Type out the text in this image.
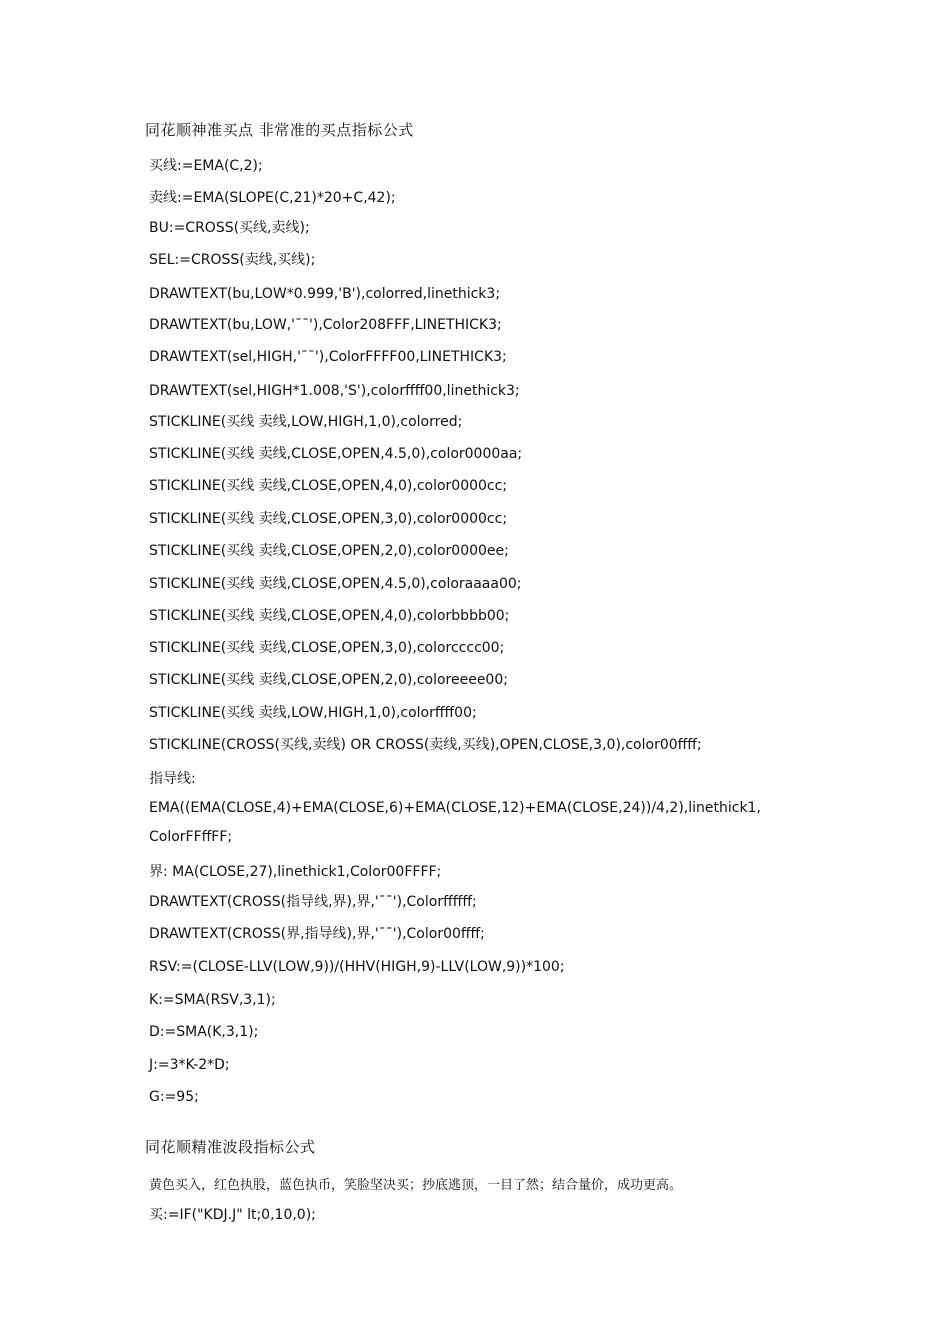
同花顺神准买点 非常准的买点指标公式
买线:=EMA(C,2);
卖线:=EMA(SLOPE(C,21)*20+C,42);
BU:=CROSS(买线,卖线);
SEL:=CROSS(卖线,买线);
DRAWTEXT(bu,LOW*0.999,'B'),colorred,linethick3;
DRAWTEXT(bu,LOW,'¯¯'),Color208FFF,LINETHICK3;
DRAWTEXT(sel,HIGH,'¯¯'),ColorFFFF00,LINETHICK3;
DRAWTEXT(sel,HIGH*1.008,'S'),colorffff00,linethick3;
STICKLINE(买线 卖线,LOW,HIGH,1,0),colorred;
STICKLINE(买线 卖线,CLOSE,OPEN,4.5,0),color0000aa;
STICKLINE(买线 卖线,CLOSE,OPEN,4,0),color0000cc;
STICKLINE(买线 卖线,CLOSE,OPEN,3,0),color0000cc;
STICKLINE(买线 卖线,CLOSE,OPEN,2,0),color0000ee;
STICKLINE(买线 卖线,CLOSE,OPEN,4.5,0),coloraaaa00;
STICKLINE(买线 卖线,CLOSE,OPEN,4,0),colorbbbb00;
STICKLINE(买线 卖线,CLOSE,OPEN,3,0),colorcccc00;
STICKLINE(买线 卖线,CLOSE,OPEN,2,0),coloreeee00;
STICKLINE(买线 卖线,LOW,HIGH,1,0),colorffff00;
STICKLINE(CROSS(买线,卖线) OR CROSS(卖线,买线),OPEN,CLOSE,3,0),color00ffff;
指导线:
EMA((EMA(CLOSE,4)+EMA(CLOSE,6)+EMA(CLOSE,12)+EMA(CLOSE,24))/4,2),linethick1, ColorFFffFF;
界: MA(CLOSE,27),linethick1,Color00FFFF;
DRAWTEXT(CROSS(指导线,界),界,'¯¯'),Colorffffff;
DRAWTEXT(CROSS(界,指导线),界,'¯¯'),Color00ffff;
RSV:=(CLOSE-LLV(LOW,9))/(HHV(HIGH,9)-LLV(LOW,9))*100;
K:=SMA(RSV,3,1);
D:=SMA(K,3,1);
J:=3*K-2*D;
G:=95;
同花顺精准波段指标公式
黄色买入，红色执股，蓝色执币，笑脸坚决买；抄底逃顶，一目了然；结合量价，成功更高。
买:=IF("KDJ.J" lt;0,10,0);
